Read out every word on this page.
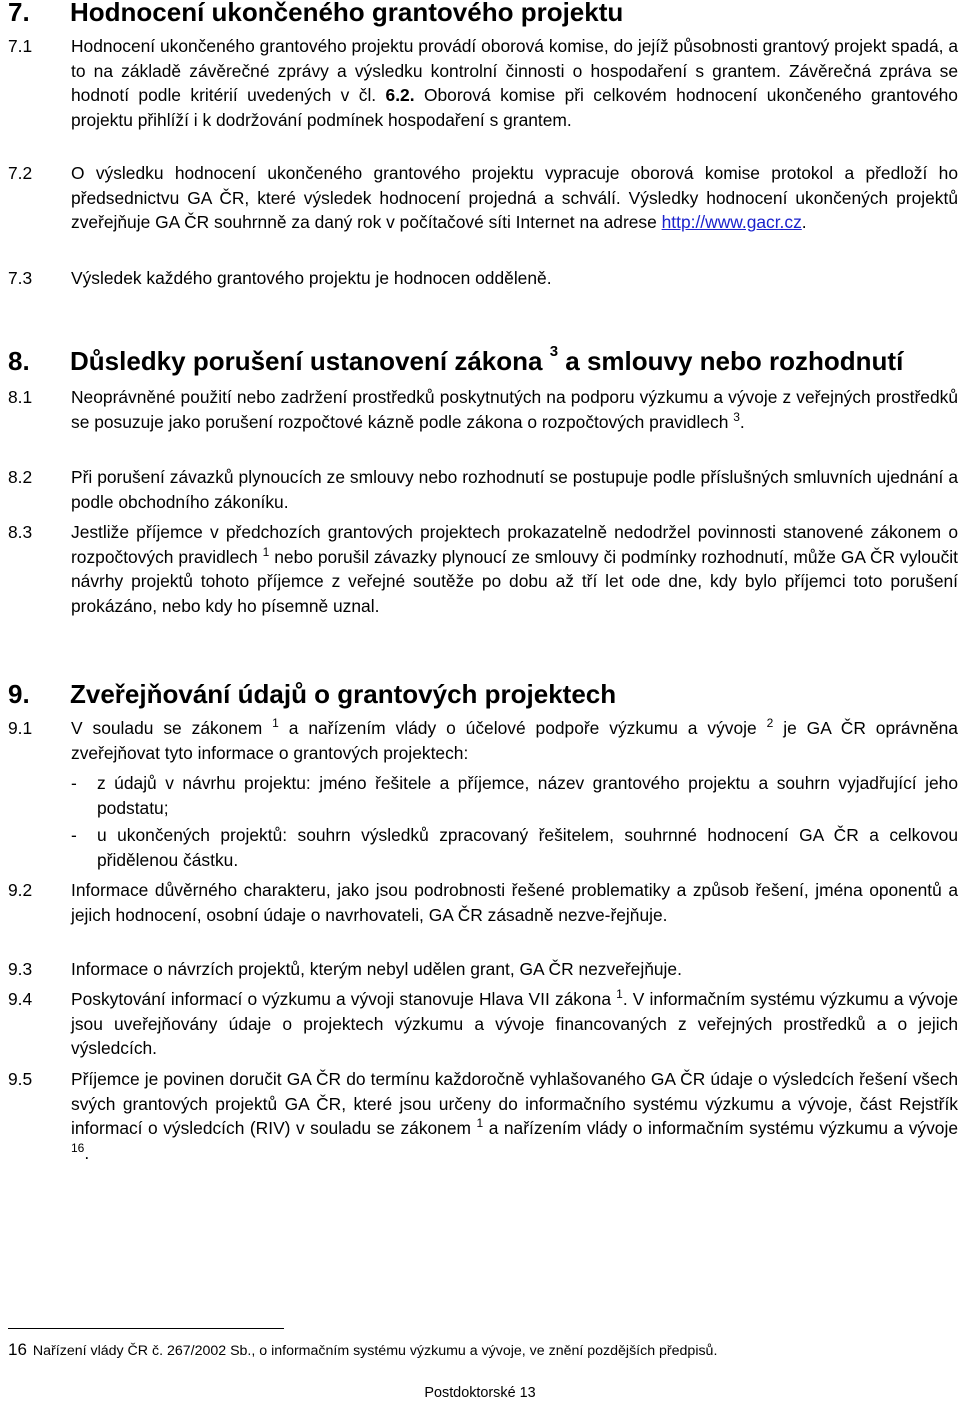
7. Hodnocení ukončeného grantového projektu
7.1	Hodnocení ukončeného grantového projektu provádí oborová komise, do jejíž působnosti grantový projekt spadá, a to na základě závěrečné zprávy a výsledku kontrolní činnosti o hospodaření s grantem. Závěrečná zpráva se hodnotí podle kritérií uvedených v čl. 6.2. Oborová komise při celkovém hodnocení ukončeného grantového projektu přihlíží i k dodržování podmínek hospodaření s grantem.
7.2	O výsledku hodnocení ukončeného grantového projektu vypracuje oborová komise protokol a předloží ho předsednictvu GA ČR, které výsledek hodnocení projedná a schválí. Výsledky hodnocení ukončených projektů zveřejňuje GA ČR souhrnně za daný rok v počítačové síti Internet na adrese http://www.gacr.cz.
7.3	Výsledek každého grantového projektu je hodnocen odděleně.
8. Důsledky porušení ustanovení zákona $^3$ a smlouvy nebo rozhodnutí
8.1	Neoprávněné použití nebo zadržení prostředků poskytnutých na podporu výzkumu a vývoje z veřejných prostředků se posuzuje jako porušení rozpočtové kázně podle zákona o rozpočtových pravidlech $^3$.
8.2	Při porušení závazků plynoucích ze smlouvy nebo rozhodnutí se postupuje podle příslušných smluvních ujednání a podle obchodního zákoníku.
8.3	Jestliže příjemce v předchozích grantových projektech prokazatelně nedodržel povinnosti stanovené zákonem o rozpočtových pravidlech $^1$ nebo porušil závazky plynoucí ze smlouvy či podmínky rozhodnutí, může GA ČR vyloučit návrhy projektů tohoto příjemce z veřejné soutěže po dobu až tří let ode dne, kdy bylo příjemci toto porušení prokázáno, nebo kdy ho písemně uznal.
9. Zveřejňování údajů o grantových projektech
9.1	V souladu se zákonem $^1$ a nařízením vlády o účelové podpoře výzkumu a vývoje $^2$ je GA ČR oprávněna zveřejňovat tyto informace o grantových projektech:
-	z údajů v návrhu projektu: jméno řešitele a příjemce, název grantového projektu a souhrn vyjadřující jeho podstatu;
-	u ukončených projektů: souhrn výsledků zpracovaný řešitelem, souhrnné hodnocení GA ČR a celkovou přidělenou částku.
9.2	Informace důvěrného charakteru, jako jsou podrobnosti řešené problematiky a způsob řešení, jména oponentů a jejich hodnocení, osobní údaje o navrhovateli, GA ČR zásadně nezve-řejňuje.
9.3	Informace o návrzích projektů, kterým nebyl udělen grant, GA ČR nezveřejňuje.
9.4	Poskytování informací o výzkumu a vývoji stanovuje Hlava VII zákona $^1$. V informačním systému výzkumu a vývoje jsou uveřejňovány údaje o projektech výzkumu a vývoje financovaných z veřejných prostředků a o jejich výsledcích.
9.5	Příjemce je povinen doručit GA ČR do termínu každoročně vyhlašovaného GA ČR údaje o výsledcích řešení všech svých grantových projektů GA ČR, které jsou určeny do informačního systému výzkumu a vývoje, část Rejstřík informací o výsledcích (RIV) v souladu se zákonem $^1$ a nařízením vlády o informačním systému výzkumu a vývoje $^{16}$.
16 Nařízení vlády ČR č. 267/2002 Sb., o informačním systému výzkumu a vývoje, ve znění pozdějších předpisů.
Postdoktorské 13
